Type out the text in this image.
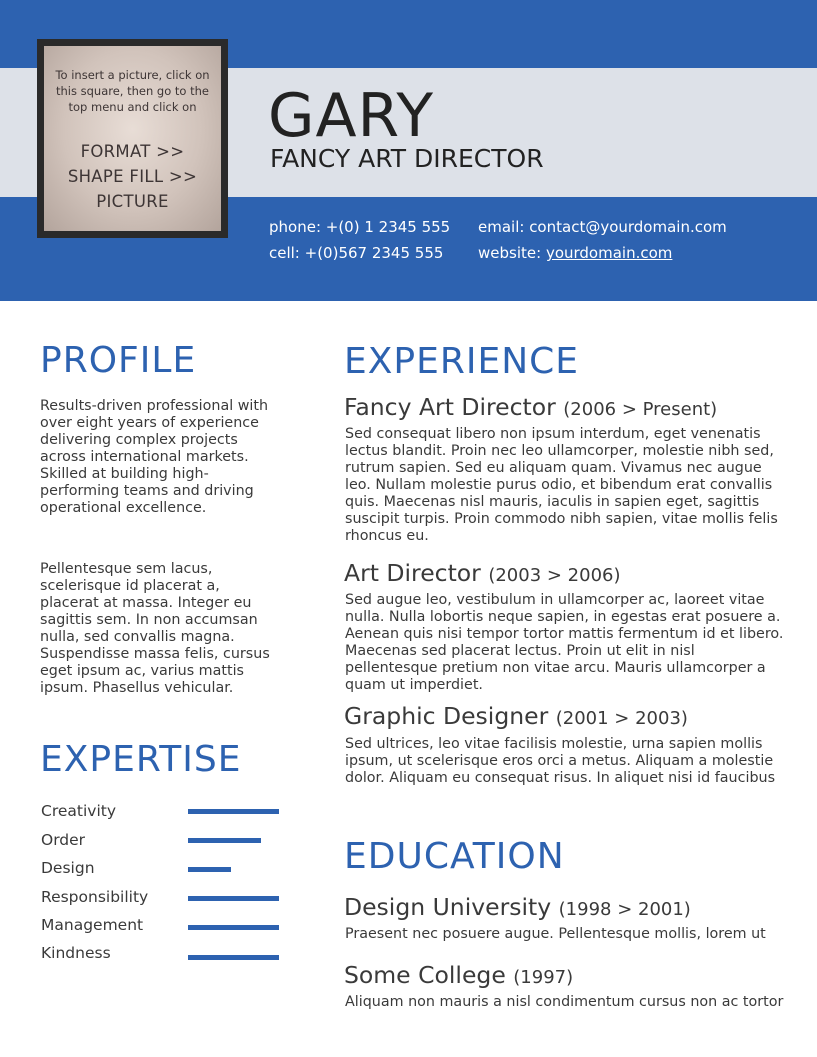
To insert a picture, click on this square, then go to the top menu and click on
FORMAT >>
SHAPE FILL >>
PICTURE
GARY
FANCY ART DIRECTOR
phone: +(0) 1 2345 555
cell: +(0)567 2345 555
email: contact@yourdomain.com
website: yourdomain.com
PROFILE
Results-driven professional with over eight years of experience delivering complex projects across international markets. Skilled at building high-performing teams and driving operational excellence.
Pellentesque sem lacus, scelerisque id placerat a, placerat at massa. Integer eu sagittis sem. In non accumsan nulla, sed convallis magna. Suspendisse massa felis, cursus eget ipsum ac, varius mattis ipsum. Phasellus vehicular.
EXPERTISE
Creativity
Order
Design
Responsibility
Management
Kindness
EXPERIENCE
Fancy Art Director (2006 > Present)
Sed consequat libero non ipsum interdum, eget venenatis lectus blandit. Proin nec leo ullamcorper, molestie nibh sed, rutrum sapien. Sed eu aliquam quam. Vivamus nec augue leo. Nullam molestie purus odio, et bibendum erat convallis quis. Maecenas nisl mauris, iaculis in sapien eget, sagittis suscipit turpis. Proin commodo nibh sapien, vitae mollis felis rhoncus eu.
Art Director (2003 > 2006)
Sed augue leo, vestibulum in ullamcorper ac, laoreet vitae nulla. Nulla lobortis neque sapien, in egestas erat posuere a. Aenean quis nisi tempor tortor mattis fermentum id et libero. Maecenas sed placerat lectus. Proin ut elit in nisl pellentesque pretium non vitae arcu. Mauris ullamcorper a quam ut imperdiet.
Graphic Designer (2001 > 2003)
Sed ultrices, leo vitae facilisis molestie, urna sapien mollis ipsum, ut scelerisque eros orci a metus. Aliquam a molestie dolor. Aliquam eu consequat risus. In aliquet nisi id faucibus
EDUCATION
Design University (1998 > 2001)
Praesent nec posuere augue. Pellentesque mollis, lorem ut
Some College (1997)
Aliquam non mauris a nisl condimentum cursus non ac tortor
